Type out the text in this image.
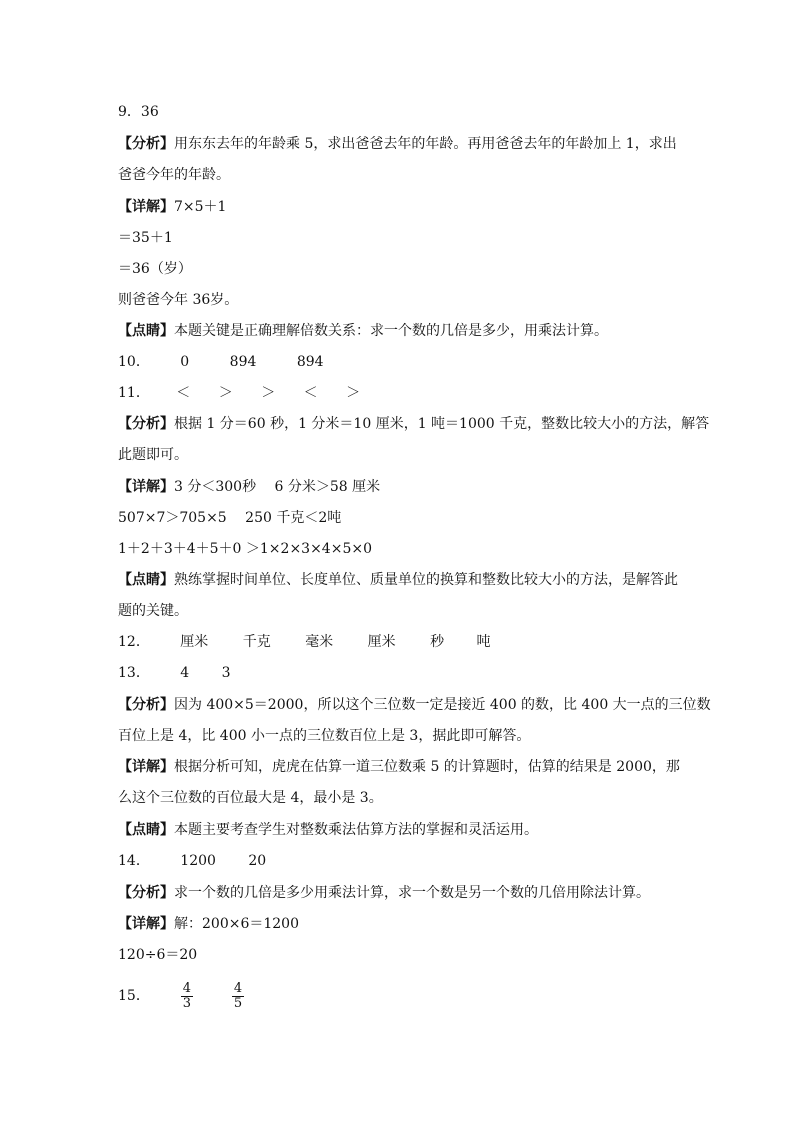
9．36
【分析】用东东去年的年龄乘 5，求出爸爸去年的年龄。再用爸爸去年的年龄加上 1，求出
爸爸今年的年龄。
【详解】7×5＋1
＝35＋1
＝36（岁）
则爸爸今年 36岁。
【点睛】本题关键是正确理解倍数关系：求一个数的几倍是多少，用乘法计算。
10． 0	894	894
11． ＜ ＞ ＞ ＜ ＞
【分析】根据 1 分＝60 秒，1 分米＝10 厘米，1 吨＝1000 千克，整数比较大小的方法，解答
此题即可。
【详解】3 分＜300秒　 6 分米＞58 厘米
507×7＞705×5　 250 千克＜2吨
1＋2＋3＋4＋5＋0 ＞1×2×3×4×5×0
【点睛】熟练掌握时间单位、长度单位、质量单位的换算和整数比较大小的方法，是解答此
题的关键。
12． 厘米 千克 毫米 厘米 秒 吨
13． 4 3
【分析】因为 400×5＝2000，所以这个三位数一定是接近 400 的数，比 400 大一点的三位数
百位上是 4，比 400 小一点的三位数百位上是 3，据此即可解答。
【详解】根据分析可知，虎虎在估算一道三位数乘 5 的计算题时，估算的结果是 2000，那
么这个三位数的百位最大是 4，最小是 3。
【点睛】本题主要考查学生对整数乘法估算方法的掌握和灵活运用。
14． 1200 20
【分析】求一个数的几倍是多少用乘法计算，求一个数是另一个数的几倍用除法计算。
【详解】解：200×6＝1200
120÷6＝20
15． $\frac{4}{3}$
	$\frac{4}{5}$
